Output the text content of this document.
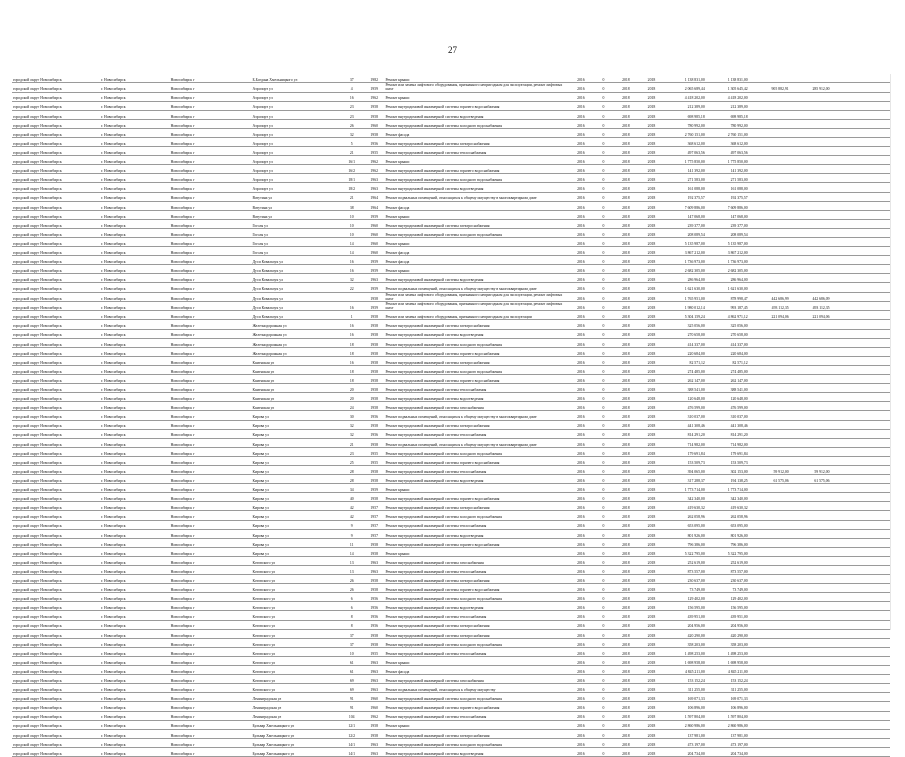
27
городской округ Новосибирск	г. Новосибирск	Новосибирск г	Б.Богдана Хмельницкого ул	37	1982	Ремонт крыши	2016	0	2018	2018	1 138 831,00	1 138 831,00			
городской округ Новосибирск	г. Новосибирск	Новосибирск г	Аэропорт ул	4	1959	Ремонт или замена лифтового оборудования, признанного непригодным для эксплуатации, ремонт лифтовых шахт	2016	0	2018	2018	2 065 689,44	1 305 645,42	905 882,91	285 912,00	
городской округ Новосибирск	г. Новосибирск	Новосибирск г	Аэропорт ул	16	1962	Ремонт крыши	2016	0	2018	2018	4 418 202,00	4 418 202,00			
городской округ Новосибирск	г. Новосибирск	Новосибирск г	Аэропорт ул	23	1958	Ремонт внутридомовой инженерной системы горячего водоснабжения	2016	0	2018	2018	212 389,00	212 389,00			
городской округ Новосибирск	г. Новосибирск	Новосибирск г	Аэропорт ул	23	1958	Ремонт внутридомовой инженерной системы водоотведения	2016	0	2018	2018	698 985,18	698 985,18			
городской округ Новосибирск	г. Новосибирск	Новосибирск г	Аэропорт ул	26	1960	Ремонт внутридомовой инженерной системы холодного водоснабжения	2016	0	2018	2018	780 992,00	780 992,00			
городской округ Новосибирск	г. Новосибирск	Новосибирск г	Аэропорт ул	32	1958	Ремонт фасада	2016	0	2018	2018	2 760 151,00	2 760 151,00			
городской округ Новосибирск	г. Новосибирск	Новосибирск г	Аэропорт ул	5	1956	Ремонт внутридомовой инженерной системы электроснабжения	2016	0	2018	2018	368 612,00	368 612,00			
городской округ Новосибирск	г. Новосибирск	Новосибирск г	Аэропорт ул	21	1955	Ремонт внутридомовой инженерной системы теплоснабжения	2016	0	2018	2018	497 063,56	497 063,56			
городской округ Новосибирск	г. Новосибирск	Новосибирск г	Аэропорт ул	16/1	1962	Ремонт крыши	2016	0	2018	2018	1 775 850,00	1 775 850,00			
городской округ Новосибирск	г. Новосибирск	Новосибирск г	Аэропорт ул	16/2	1962	Ремонт внутридомовой инженерной системы горячего водоснабжения	2016	0	2018	2018	141 392,00	141 392,00			
городской округ Новосибирск	г. Новосибирск	Новосибирск г	Аэропорт ул	18/1	1963	Ремонт внутридомовой инженерной системы холодного водоснабжения	2016	0	2018	2018	271 583,00	271 583,00			
городской округ Новосибирск	г. Новосибирск	Новосибирск г	Аэропорт ул	18/2	1963	Ремонт внутридомовой инженерной системы водоотведения	2016	0	2018	2018	161 088,00	161 088,00			
городской округ Новосибирск	г. Новосибирск	Новосибирск г	Ватутина ул	21	1964	Ремонт подвальных помещений, относящихся к общему имуществу в многоквартирном доме	2016	0	2018	2018	192 375,57	192 375,57			
городской округ Новосибирск	г. Новосибирск	Новосибирск г	Ватутина ул	38	1964	Ремонт фасада	2016	0	2018	2018	7 609 886,00	7 609 886,00			
городской округ Новосибирск	г. Новосибирск	Новосибирск г	Ватутина ул	10	1959	Ремонт крыши	2016	0	2018	2018	147 068,00	147 068,00			
городской округ Новосибирск	г. Новосибирск	Новосибирск г	Гоголя ул	10	1960	Ремонт внутридомовой инженерной системы электроснабжения	2016	0	2018	2018	239 377,00	239 377,00			
городской округ Новосибирск	г. Новосибирск	Новосибирск г	Гоголя ул	10	1960	Ремонт внутридомовой инженерной системы холодного водоснабжения	2016	0	2018	2018	208 089,54	208 089,54			
городской округ Новосибирск	г. Новосибирск	Новосибирск г	Гоголя ул	14	1960	Ремонт крыши	2016	0	2018	2018	5 135 987,00	5 135 987,00			
городской округ Новосибирск	г. Новосибирск	Новосибирск г	Гоголя ул	14	1960	Ремонт фасада	2016	0	2018	2018	3 867 212,00	3 867 212,00			
городской округ Новосибирск	г. Новосибирск	Новосибирск г	Дуси Ковальчук ул	16	1959	Ремонт фасада	2016	0	2018	2018	1 736 973,00	1 736 973,00			
городской округ Новосибирск	г. Новосибирск	Новосибирск г	Дуси Ковальчук ул	16	1959	Ремонт крыши	2016	0	2018	2018	2 682 305,00	2 682 305,00			
городской округ Новосибирск	г. Новосибирск	Новосибирск г	Дуси Ковальчук ул	32	1963	Ремонт внутридомовой инженерной системы водоотведения	2016	0	2018	2018	286 964,00	286 964,00			
городской округ Новосибирск	г. Новосибирск	Новосибирск г	Дуси Ковальчук ул	22	1959	Ремонт подвальных помещений, относящихся к общему имуществу в многоквартирном доме	2016	0	2018	2018	1 621 630,00	1 621 630,00			
городской округ Новосибирск	г. Новосибирск	Новосибирск г	Дуси Ковальчук ул		1958	Ремонт или замена лифтового оборудования, признанного непригодным для эксплуатации, ремонт лифтовых шахт	2016	0	2018	2018	1 765 951,00	878 998,47	442 686,99	442 686,09	
городской округ Новосибирск	г. Новосибирск	Новосибирск г	Дуси Ковальчук ул	16	1959	Ремонт или замена лифтового оборудования, признанного непригодным для эксплуатации, ремонт лифтовых шахт	2016	0	2018	2018	1 980 012,14	993 187,45	493 112,35	493 112,35	
городской округ Новосибирск	г. Новосибирск	Новосибирск г	Дуси Ковальчук ул	1	1958	Ремонт или замена лифтового оборудования, признанного непригодным для эксплуатации	2016	0	2018	2018	5 304 159,24	4 862 971,12	221 094,06	221 094,06	
городской округ Новосибирск	г. Новосибирск	Новосибирск г	Железнодорожная ул	16	1958	Ремонт внутридомовой инженерной системы электроснабжения	2016	0	2018	2018	325 056,00	325 056,00			
городской округ Новосибирск	г. Новосибирск	Новосибирск г	Железнодорожная ул	16	1958	Ремонт внутридомовой инженерной системы водоотведения	2016	0	2018	2018	270 658,00	270 658,00			
городской округ Новосибирск	г. Новосибирск	Новосибирск г	Железнодорожная ул	18	1958	Ремонт внутридомовой инженерной системы холодного водоснабжения	2016	0	2018	2018	414 337,00	414 337,00			
городской округ Новосибирск	г. Новосибирск	Новосибирск г	Железнодорожная ул	18	1958	Ремонт внутридомовой инженерной системы горячего водоснабжения	2016	0	2018	2018	220 684,00	220 684,00			
городской округ Новосибирск	г. Новосибирск	Новосибирск г	Каменская ул	16	1958	Ремонт внутридомовой инженерной системы электроснабжения	2016	0	2018	2018	82 571,12	82 571,12			
городской округ Новосибирск	г. Новосибирск	Новосибирск г	Каменская ул	18	1958	Ремонт внутридомовой инженерной системы холодного водоснабжения	2016	0	2018	2018	274 485,00	274 485,00			
городской округ Новосибирск	г. Новосибирск	Новосибирск г	Каменская ул	18	1958	Ремонт внутридомовой инженерной системы горячего водоснабжения	2016	0	2018	2018	262 147,00	262 147,00			
городской округ Новосибирск	г. Новосибирск	Новосибирск г	Каменская ул	20	1958	Ремонт внутридомовой инженерной системы теплоснабжения	2016	0	2018	2018	388 541,00	388 541,00			
городской округ Новосибирск	г. Новосибирск	Новосибирск г	Каменская ул	20	1958	Ремонт внутридомовой инженерной системы водоотведения	2016	0	2018	2018	120 648,00	120 648,00			
городской округ Новосибирск	г. Новосибирск	Новосибирск г	Каменская ул	24	1958	Ремонт внутридомовой инженерной системы газоснабжения	2016	0	2018	2018	476 599,00	476 599,00			
городской округ Новосибирск	г. Новосибирск	Новосибирск г	Кирова ул	30	1956	Ремонт подвальных помещений, относящихся к общему имуществу в многоквартирном доме	2016	0	2018	2018	310 037,00	310 037,00			
городской округ Новосибирск	г. Новосибирск	Новосибирск г	Кирова ул	32	1958	Ремонт внутридомовой инженерной системы электроснабжения	2016	0	2018	2018	441 308,46	441 308,46			
городской округ Новосибирск	г. Новосибирск	Новосибирск г	Кирова ул	32	1956	Ремонт внутридомовой инженерной системы теплоснабжения	2016	0	2018	2018	814 291,20	814 291,20			
городской округ Новосибирск	г. Новосибирск	Новосибирск г	Кирова ул	21	1958	Ремонт подвальных помещений, относящихся к общему имуществу в многоквартирном доме	2016	0	2018	2018	714 982,00	714 982,00			
городской округ Новосибирск	г. Новосибирск	Новосибирск г	Кирова ул	23	1955	Ремонт внутридомовой инженерной системы холодного водоснабжения	2016	0	2018	2018	179 691,84	179 691,84			
городской округ Новосибирск	г. Новосибирск	Новосибирск г	Кирова ул	25	1955	Ремонт внутридомовой инженерной системы горячего водоснабжения	2016	0	2018	2018	153 509,73	153 509,73			
городской округ Новосибирск	г. Новосибирск	Новосибирск г	Кирова ул	28	1958	Ремонт внутридомовой инженерной системы теплоснабжения	2016	0	2018	2018	394 065,00	302 153,00	59 912,00	59 912,00	
городской округ Новосибирск	г. Новосибирск	Новосибирск г	Кирова ул	28	1958	Ремонт внутридомовой инженерной системы водоотведения	2016	0	2018	2018	317 288,37	194 138,25	61 575,06	61 575,06	
городской округ Новосибирск	г. Новосибирск	Новосибирск г	Кирова ул	34	1959	Ремонт крыши	2016	0	2018	2018	1 773 714,00	1 773 714,00			
городской округ Новосибирск	г. Новосибирск	Новосибирск г	Кирова ул	40	1958	Ремонт внутридомовой инженерной системы горячего водоснабжения	2016	0	2018	2018	342 340,00	342 340,00			
городской округ Новосибирск	г. Новосибирск	Новосибирск г	Кирова ул	42	1957	Ремонт внутридомовой инженерной системы электроснабжения	2016	0	2018	2018	419 630,32	419 630,32			
городской округ Новосибирск	г. Новосибирск	Новосибирск г	Кирова ул	42	1957	Ремонт внутридомовой инженерной системы холодного водоснабжения	2016	0	2018	2018	262 058,96	262 058,96			
городской округ Новосибирск	г. Новосибирск	Новосибирск г	Кирова ул	9	1957	Ремонт внутридомовой инженерной системы теплоснабжения	2016	0	2018	2018	653 095,00	653 095,00			
городской округ Новосибирск	г. Новосибирск	Новосибирск г	Кирова ул	9	1957	Ремонт внутридомовой инженерной системы водоотведения	2016	0	2018	2018	801 926,00	801 926,00			
городской округ Новосибирск	г. Новосибирск	Новосибирск г	Кирова ул	11	1958	Ремонт внутридомовой инженерной системы горячего водоснабжения	2016	0	2018	2018	796 386,00	796 386,00			
городской округ Новосибирск	г. Новосибирск	Новосибирск г	Кирова ул	14	1958	Ремонт крыши	2016	0	2018	2018	5 322 795,00	5 322 795,00			
городской округ Новосибирск	г. Новосибирск	Новосибирск г	Котовского ул	13	1963	Ремонт внутридомовой инженерной системы газоснабжения	2016	0	2018	2018	252 619,00	252 619,00			
городской округ Новосибирск	г. Новосибирск	Новосибирск г	Котовского ул	13	1963	Ремонт внутридомовой инженерной системы теплоснабжения	2016	0	2018	2018	873 557,00	873 557,00			
городской округ Новосибирск	г. Новосибирск	Новосибирск г	Котовского ул	26	1958	Ремонт внутридомовой инженерной системы электроснабжения	2016	0	2018	2018	230 637,00	230 637,00			
городской округ Новосибирск	г. Новосибирск	Новосибирск г	Котовского ул	26	1958	Ремонт внутридомовой инженерной системы горячего водоснабжения	2016	0	2018	2018	73 749,00	73 749,00			
городской округ Новосибирск	г. Новосибирск	Новосибирск г	Котовского ул	6	1956	Ремонт внутридомовой инженерной системы холодного водоснабжения	2016	0	2018	2018	129 402,00	129 402,00			
городской округ Новосибирск	г. Новосибирск	Новосибирск г	Котовского ул	6	1956	Ремонт внутридомовой инженерной системы водоотведения	2016	0	2018	2018	156 595,00	156 595,00			
городской округ Новосибирск	г. Новосибирск	Новосибирск г	Котовского ул	8	1956	Ремонт внутридомовой инженерной системы теплоснабжения	2016	0	2018	2018	439 951,00	439 951,00			
городской округ Новосибирск	г. Новосибирск	Новосибирск г	Котовского ул	8	1956	Ремонт внутридомовой инженерной системы электроснабжения	2016	0	2018	2018	204 956,00	204 956,00			
городской округ Новосибирск	г. Новосибирск	Новосибирск г	Котовского ул	37	1958	Ремонт внутридомовой инженерной системы электроснабжения	2016	0	2018	2018	420 290,00	420 290,00			
городской округ Новосибирск	г. Новосибирск	Новосибирск г	Котовского ул	37	1958	Ремонт внутридомовой инженерной системы холодного водоснабжения	2016	0	2018	2018	358 203,00	358 203,00			
городской округ Новосибирск	г. Новосибирск	Новосибирск г	Котовского ул	10	1955	Ремонт внутридомовой инженерной системы теплоснабжения	2016	0	2018	2018	1 498 253,00	1 498 253,00			
городской округ Новосибирск	г. Новосибирск	Новосибирск г	Котовского ул	61	1963	Ремонт крыши	2016	0	2018	2018	1 698 958,00	1 698 958,00			
городской округ Новосибирск	г. Новосибирск	Новосибирск г	Котовского ул	61	1963	Ремонт фасада	2016	0	2018	2018	4 845 211,00	4 845 211,00			
городской округ Новосибирск	г. Новосибирск	Новосибирск г	Котовского ул	69	1963	Ремонт внутридомовой инженерной системы газоснабжения	2016	0	2018	2018	153 152,24	153 152,24			
городской округ Новосибирск	г. Новосибирск	Новосибирск г	Котовского ул	69	1963	Ремонт подвальных помещений, относящихся к общему имуществу	2016	0	2018	2018	311 255,00	311 255,00			
городской округ Новосибирск	г. Новосибирск	Новосибирск г	Ленинградская ул	91	1960	Ремонт внутридомовой инженерной системы холодного водоснабжения	2016	0	2018	2018	169 071,33	169 071,33			
городской округ Новосибирск	г. Новосибирск	Новосибирск г	Ленинградская ул	91	1960	Ремонт внутридомовой инженерной системы горячего водоснабжения	2016	0	2018	2018	106 896,00	106 896,00			
городской округ Новосибирск	г. Новосибирск	Новосибирск г	Ленинградская ул	104	1962	Ремонт внутридомовой инженерной системы теплоснабжения	2016	0	2018	2018	1 597 804,00	1 597 804,00			
городской округ Новосибирск	г. Новосибирск	Новосибирск г	Бульвар Хмельницкого ул	12/1	1958	Ремонт крыши	2016	0	2018	2018	2 860 986,00	2 860 986,00			
городской округ Новосибирск	г. Новосибирск	Новосибирск г	Бульвар Хмельницкого ул	12/2	1958	Ремонт внутридомовой инженерной системы электроснабжения	2016	0	2018	2018	137 981,00	137 981,00			
городской округ Новосибирск	г. Новосибирск	Новосибирск г	Бульвар Хмельницкого ул	14/1	1963	Ремонт внутридомовой инженерной системы холодного водоснабжения	2016	0	2018	2018	473 197,00	473 197,00			
городской округ Новосибирск	г. Новосибирск	Новосибирск г	Бульвар Хмельницкого ул	14/1	1963	Ремонт внутридомовой инженерной системы водоотведения	2016	0	2018	2018	204 734,00	204 734,00			
